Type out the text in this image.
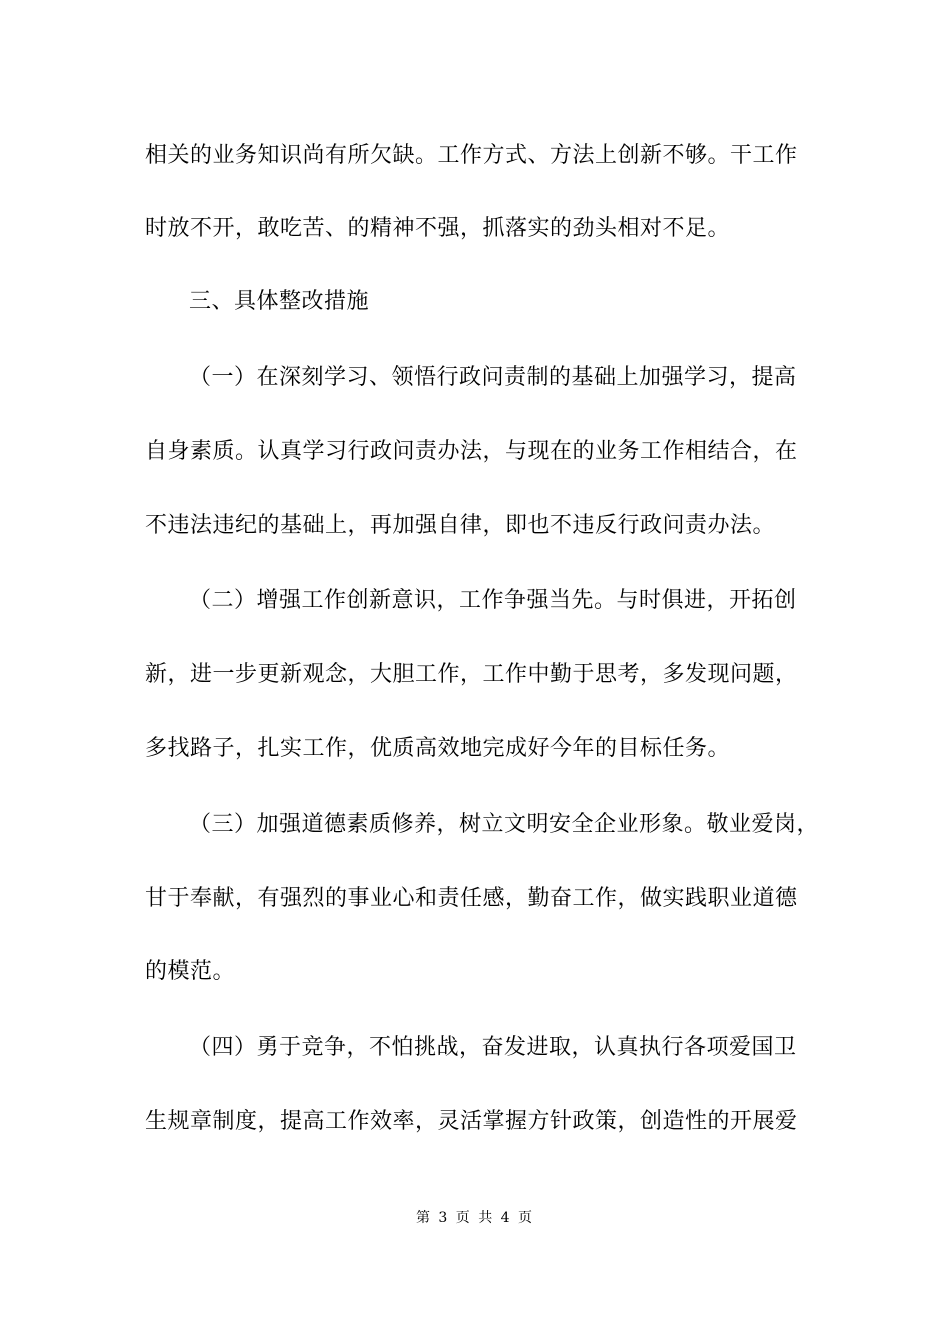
相关的业务知识尚有所欠缺。工作方式、方法上创新不够。干工作
时放不开，敢吃苦、的精神不强，抓落实的劲头相对不足。
三、具体整改措施
（一）在深刻学习、领悟行政问责制的基础上加强学习，提高
自身素质。认真学习行政问责办法，与现在的业务工作相结合，在
不违法违纪的基础上，再加强自律，即也不违反行政问责办法。
（二）增强工作创新意识，工作争强当先。与时俱进，开拓创
新，进一步更新观念，大胆工作，工作中勤于思考，多发现问题，
多找路子，扎实工作，优质高效地完成好今年的目标任务。
（三）加强道德素质修养，树立文明安全企业形象。敬业爱岗，
甘于奉献，有强烈的事业心和责任感，勤奋工作，做实践职业道德
的模范。
（四）勇于竞争，不怕挑战，奋发进取，认真执行各项爱国卫
生规章制度，提高工作效率，灵活掌握方针政策，创造性的开展爱
第 3 页 共 4 页
